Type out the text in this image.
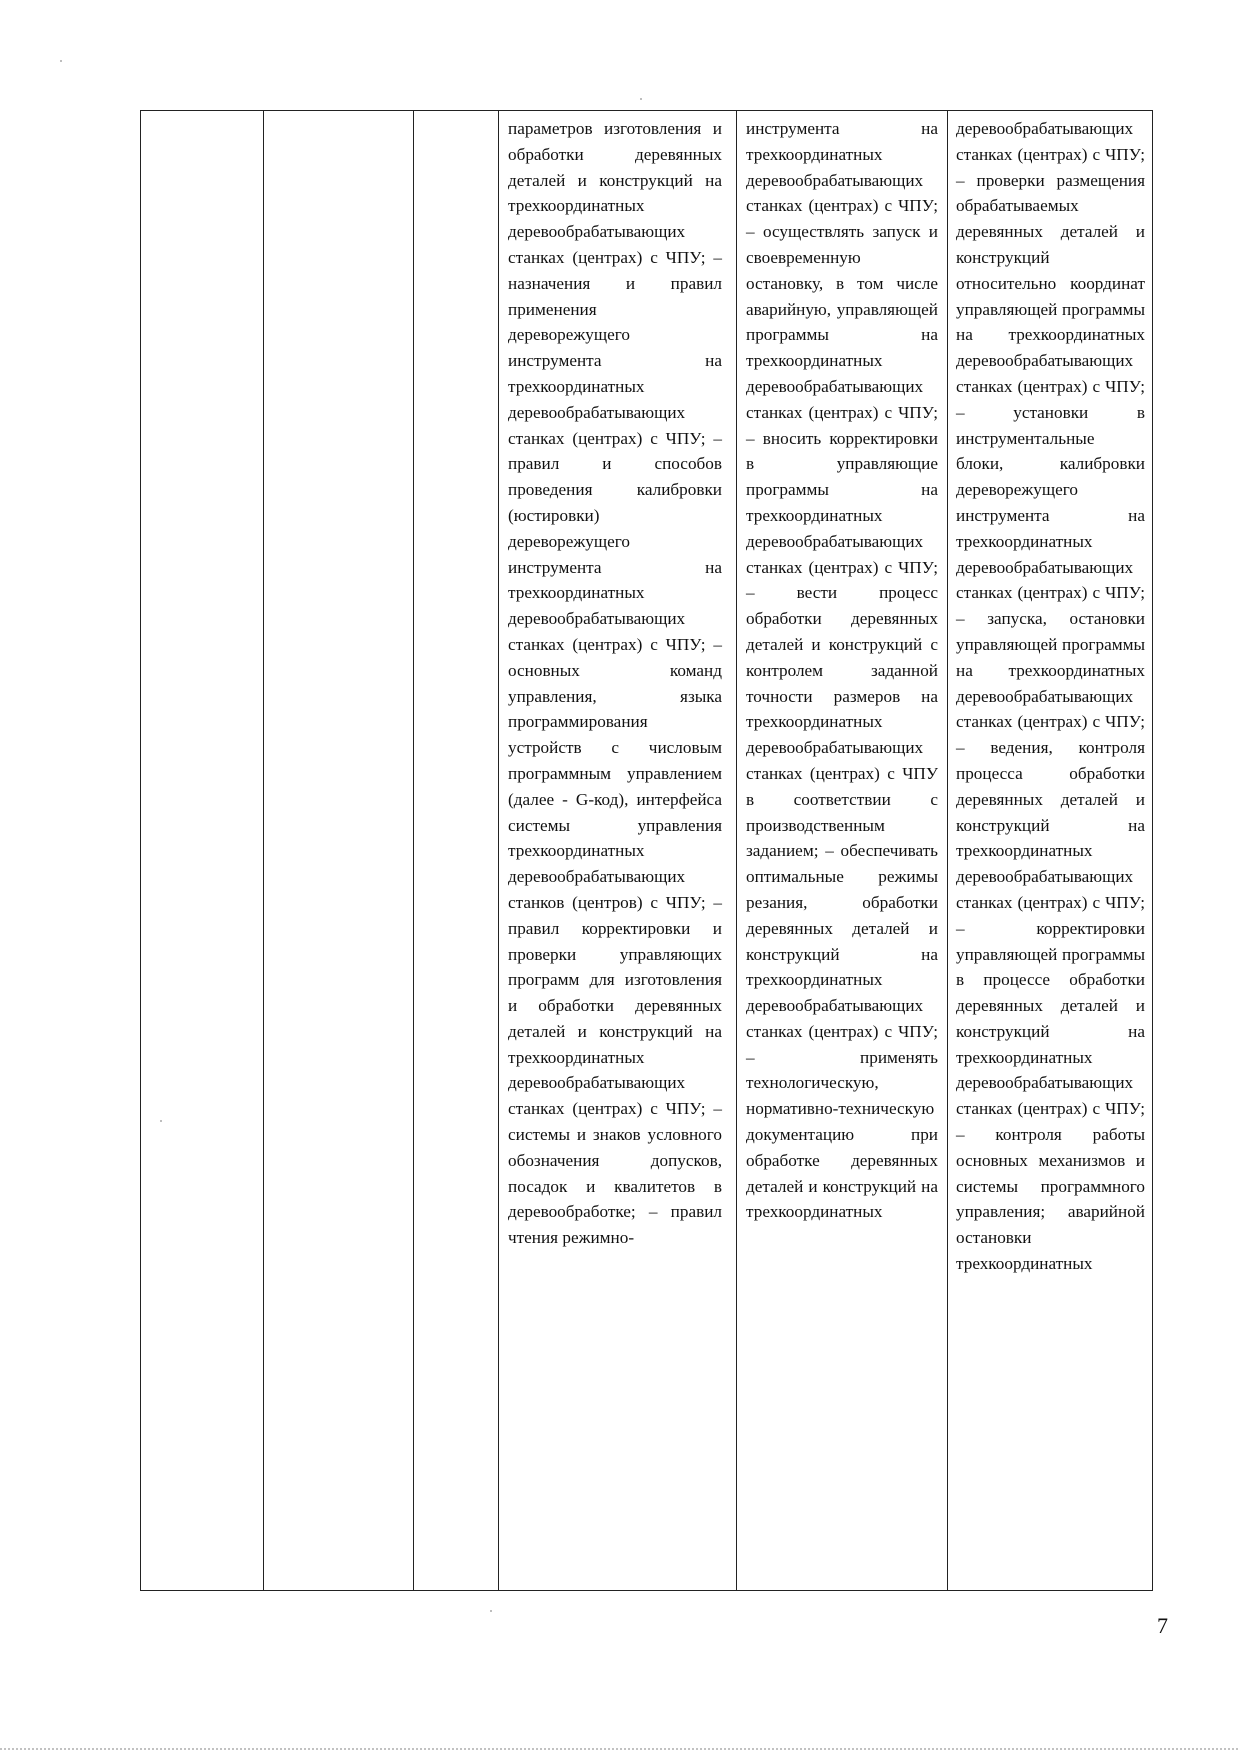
параметров изготовления и обработки деревянных деталей и конструкций на трехкоординатных деревообрабатывающих станках (центрах) с ЧПУ; – назначения и правил применения дереворежущего инструмента на трехкоординатных деревообрабатывающих станках (центрах) с ЧПУ; – правил и способов проведения калибровки (юстировки) дереворежущего инструмента на трехкоординатных деревообрабатывающих станках (центрах) с ЧПУ; – основных команд управления, языка программирования устройств с числовым программным управлением (далее - G-код), интерфейса системы управления трехкоординатных деревообрабатывающих станков (центров) с ЧПУ; – правил корректировки и проверки управляющих программ для изготовления и обработки деревянных деталей и конструкций на трехкоординатных деревообрабатывающих станках (центрах) с ЧПУ; – системы и знаков условного обозначения допусков, посадок и квалитетов в деревообработке; – правил чтения режимно-
инструмента на трехкоординатных деревообрабатывающих станках (центрах) с ЧПУ; – осуществлять запуск и своевременную остановку, в том числе аварийную, управляющей программы на трехкоординатных деревообрабатывающих станках (центрах) с ЧПУ; – вносить корректировки в управляющие программы на трехкоординатных деревообрабатывающих станках (центрах) с ЧПУ; – вести процесс обработки деревянных деталей и конструкций с контролем заданной точности размеров на трехкоординатных деревообрабатывающих станках (центрах) с ЧПУ в соответствии с производственным заданием; – обеспечивать оптимальные режимы резания, обработки деревянных деталей и конструкций на трехкоординатных деревообрабатывающих станках (центрах) с ЧПУ; – применять технологическую, нормативно-техническую документацию при обработке деревянных деталей и конструкций на трехкоординатных
деревообрабатывающих станках (центрах) с ЧПУ; – проверки размещения обрабатываемых деревянных деталей и конструкций относительно координат управляющей программы на трехкоординатных деревообрабатывающих станках (центрах) с ЧПУ; – установки в инструментальные блоки, калибровки дереворежущего инструмента на трехкоординатных деревообрабатывающих станках (центрах) с ЧПУ; – запуска, остановки управляющей программы на трехкоординатных деревообрабатывающих станках (центрах) с ЧПУ; – ведения, контроля процесса обработки деревянных деталей и конструкций на трехкоординатных деревообрабатывающих станках (центрах) с ЧПУ; – корректировки управляющей программы в процессе обработки деревянных деталей и конструкций на трехкоординатных деревообрабатывающих станках (центрах) с ЧПУ; – контроля работы основных механизмов и системы программного управления; аварийной остановки трехкоординатных
7
